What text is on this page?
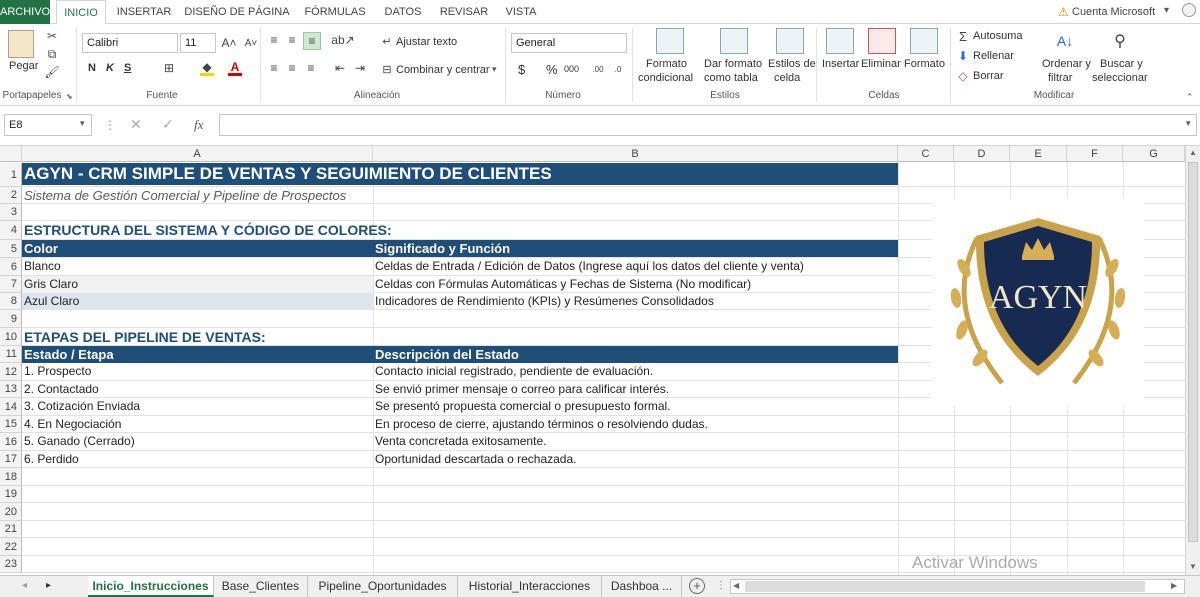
ARCHIVO	INICIO	INSERTAR DISEÑO DE PÁGINA	FÓRMULAS	DATOS	REVISAR	VISTA	⚠ Cuenta Microsoft ▾
Pegar
✂
⧉
🖌
Portapapeles ⬊
Calibri	11	A˄ A˅
N K S	⊞ ◆ A
Fuente
≡ ≡	≡	ab↗
≡ ≡ ≡	⇤ ⇥
↵ Ajustar texto
⊟ Combinar y centrar ▾
Alineación
General
$ % 000	.00	.0
Número
Formato
condicional
Dar formato
como tabla
Estilos de
celda
Estilos
Insertar Eliminar Formato
Celdas
Σ Autosuma
⬇ Rellenar
◇ Borrar
A↓
Ordenar y
filtrar
⚲
Buscar y
seleccionar
Modificar	⌃
E8	▾ ⋮ ✕ ✓ fx	▾
A	B	C	D	E	F	G
1
2
3
4
5
6
7
8
9
10
11
12
13
14
15
16
17
18
19
20
21
22
23
AGYN - CRM SIMPLE DE VENTAS Y SEGUIMIENTO DE CLIENTES
Sistema de Gestión Comercial y Pipeline de Prospectos
ESTRUCTURA DEL SISTEMA Y CÓDIGO DE COLORES:
Color	Significado y Función
Blanco	Celdas de Entrada / Edición de Datos (Ingrese aquí los datos del cliente y venta)
Gris Claro	Celdas con Fórmulas Automáticas y Fechas de Sistema (No modificar)
Azul Claro	Indicadores de Rendimiento (KPIs) y Resúmenes Consolidados
ETAPAS DEL PIPELINE DE VENTAS:
Estado / Etapa	Descripción del Estado
1. Prospecto	Contacto inicial registrado, pendiente de evaluación.
2. Contactado	Se envió primer mensaje o correo para calificar interés.
3. Cotización Enviada	Se presentó propuesta comercial o presupuesto formal.
4. En Negociación	En proceso de cierre, ajustando términos o resolviendo dudas.
5. Ganado (Cerrado)	Venta concretada exitosamente.
6. Perdido	Oportunidad descartada o rechazada.
AGYN
Activar Windows
▲
▼
◂ ▸	Inicio_Instrucciones	Base_Clientes	Pipeline_Oportunidades	Historial_Interacciones	Dashboa ...	+	⋮ ◀	▶
